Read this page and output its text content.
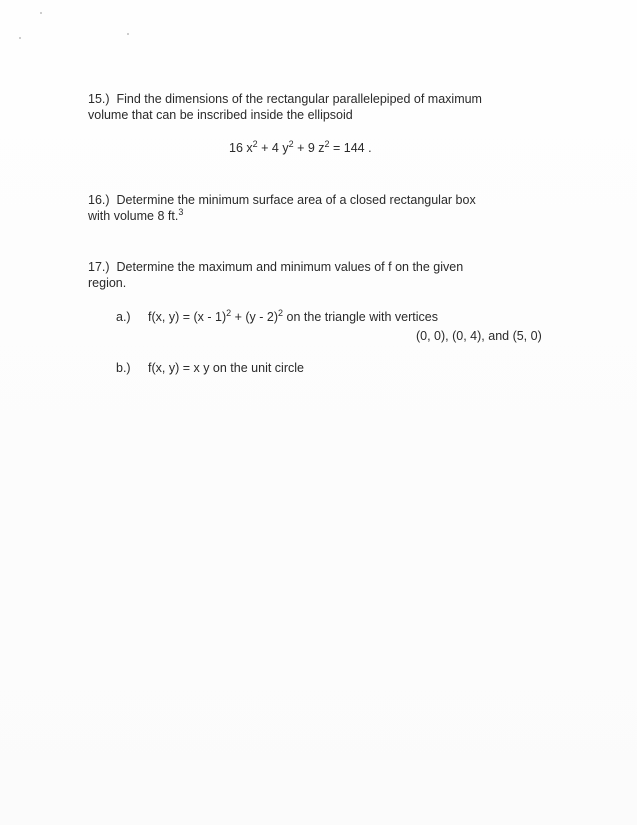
15.) Find the dimensions of the rectangular parallelepiped of maximum
volume that can be inscribed inside the ellipsoid
16 $x^2 + 4$ $y^2 + 9$ $z^2 = 144$ .
16.) Determine the minimum surface area of a closed rectangular box
with volume 8 ft.$^3$
17.) Determine the maximum and minimum values of f on the given
region.
a.) f(x, y) = (x - 1)$^2$ + (y - 2)$^2$ on the triangle with vertices
(0, 0), (0, 4), and (5, 0)
b.) f(x, y) = x y on the unit circle
